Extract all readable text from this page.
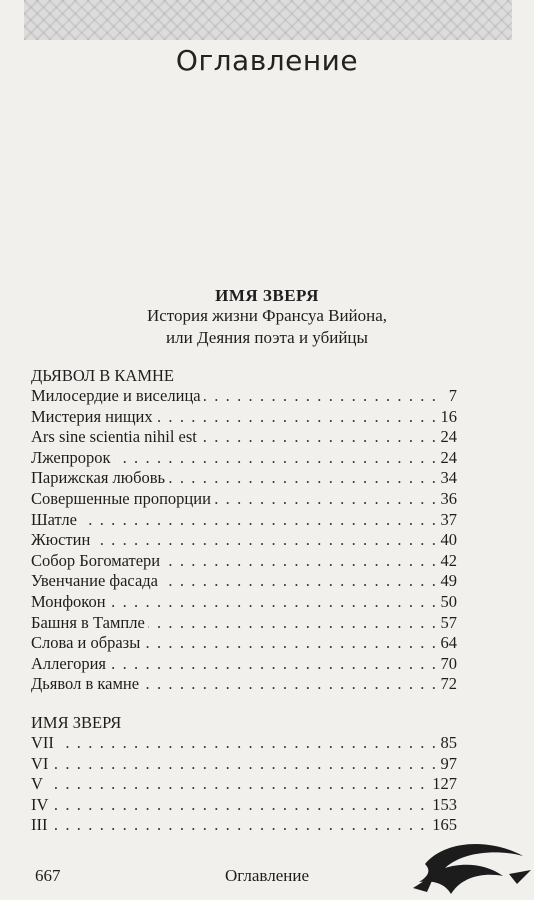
Оглавление
ИМЯ ЗВЕРЯ
История жизни Франсуа Вийона,
или Деяния поэта и убийцы
ДЬЯВОЛ В КАМНЕ
. . .
Милосердие и виселица	7
. . .
Мистерия нищих	16
. . .
Ars sine scientia nihil est	24
. . .
Лжепророк	24
. . .
Парижская любовь	34
. . .
Совершенные пропорции	36
. . .
Шатле	37
. . .
Жюстин	40
. . .
Собор Богоматери	42
. . .
Увенчание фасада	49
. . .
Монфокон	50
. . .
Башня в Тампле	57
. . .
Слова и образы	64
. . .
Аллегория	70
. . .
Дьявол в камне	72
ИМЯ ЗВЕРЯ
. . .
VII	85
. . .
VI	97
. . .
V	127
. . .
IV	153
. . .
III	165
667	Оглавление
